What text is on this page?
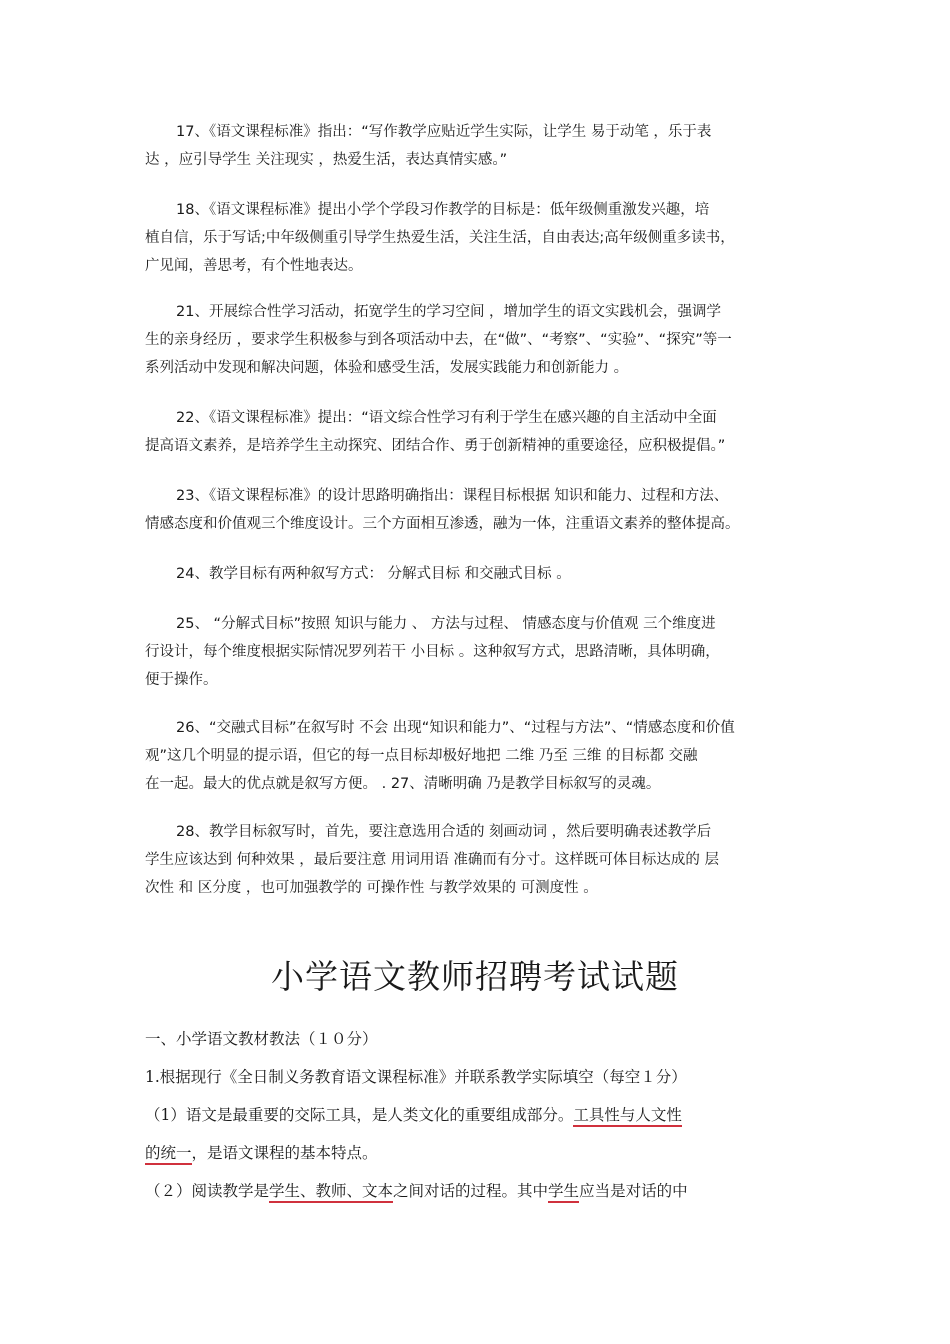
17、《语文课程标准》指出：“写作教学应贴近学生实际，让学生 易于动笔 ，乐于表
达 ，应引导学生 关注现实 ，热爱生活，表达真情实感。”
18、《语文课程标准》提出小学个学段习作教学的目标是：低年级侧重激发兴趣，培
植自信，乐于写话;中年级侧重引导学生热爱生活，关注生活，自由表达;高年级侧重多读书，
广见闻，善思考，有个性地表达。
21、开展综合性学习活动，拓宽学生的学习空间 ，增加学生的语文实践机会，强调学
生的亲身经历 ，要求学生积极参与到各项活动中去，在“做”、“考察”、“实验”、“探究”等一
系列活动中发现和解决问题，体验和感受生活，发展实践能力和创新能力 。
22、《语文课程标准》提出：“语文综合性学习有利于学生在感兴趣的自主活动中全面
提高语文素养，是培养学生主动探究、团结合作、勇于创新精神的重要途径，应积极提倡。”
23、《语文课程标准》的设计思路明确指出：课程目标根据 知识和能力、过程和方法、
情感态度和价值观三个维度设计。三个方面相互渗透，融为一体，注重语文素养的整体提高。
24、教学目标有两种叙写方式： 分解式目标 和交融式目标 。
25、 “分解式目标”按照 知识与能力 、 方法与过程、 情感态度与价值观 三个维度进
行设计，每个维度根据实际情况罗列若干 小目标 。这种叙写方式，思路清晰，具体明确，
便于操作。
26、“交融式目标”在叙写时 不会 出现“知识和能力”、“过程与方法”、“情感态度和价值
观”这几个明显的提示语，但它的每一点目标却极好地把 二维 乃至 三维 的目标都 交融
在一起。最大的优点就是叙写方便。 . 27、清晰明确 乃是教学目标叙写的灵魂。
28、教学目标叙写时，首先，要注意选用合适的 刻画动词 ，然后要明确表述教学后
学生应该达到 何种效果 ，最后要注意 用词用语 准确而有分寸。这样既可体目标达成的 层
次性 和 区分度 ，也可加强教学的 可操作性 与教学效果的 可测度性 。
小学语文教师招聘考试试题
一、小学语文教材教法（１０分）
1.根据现行《全日制义务教育语文课程标准》并联系教学实际填空（每空１分）
（1）语文是最重要的交际工具，是人类文化的重要组成部分。工具性与人文性
的统一，是语文课程的基本特点。
（２）阅读教学是学生、教师、文本之间对话的过程。其中学生应当是对话的中
